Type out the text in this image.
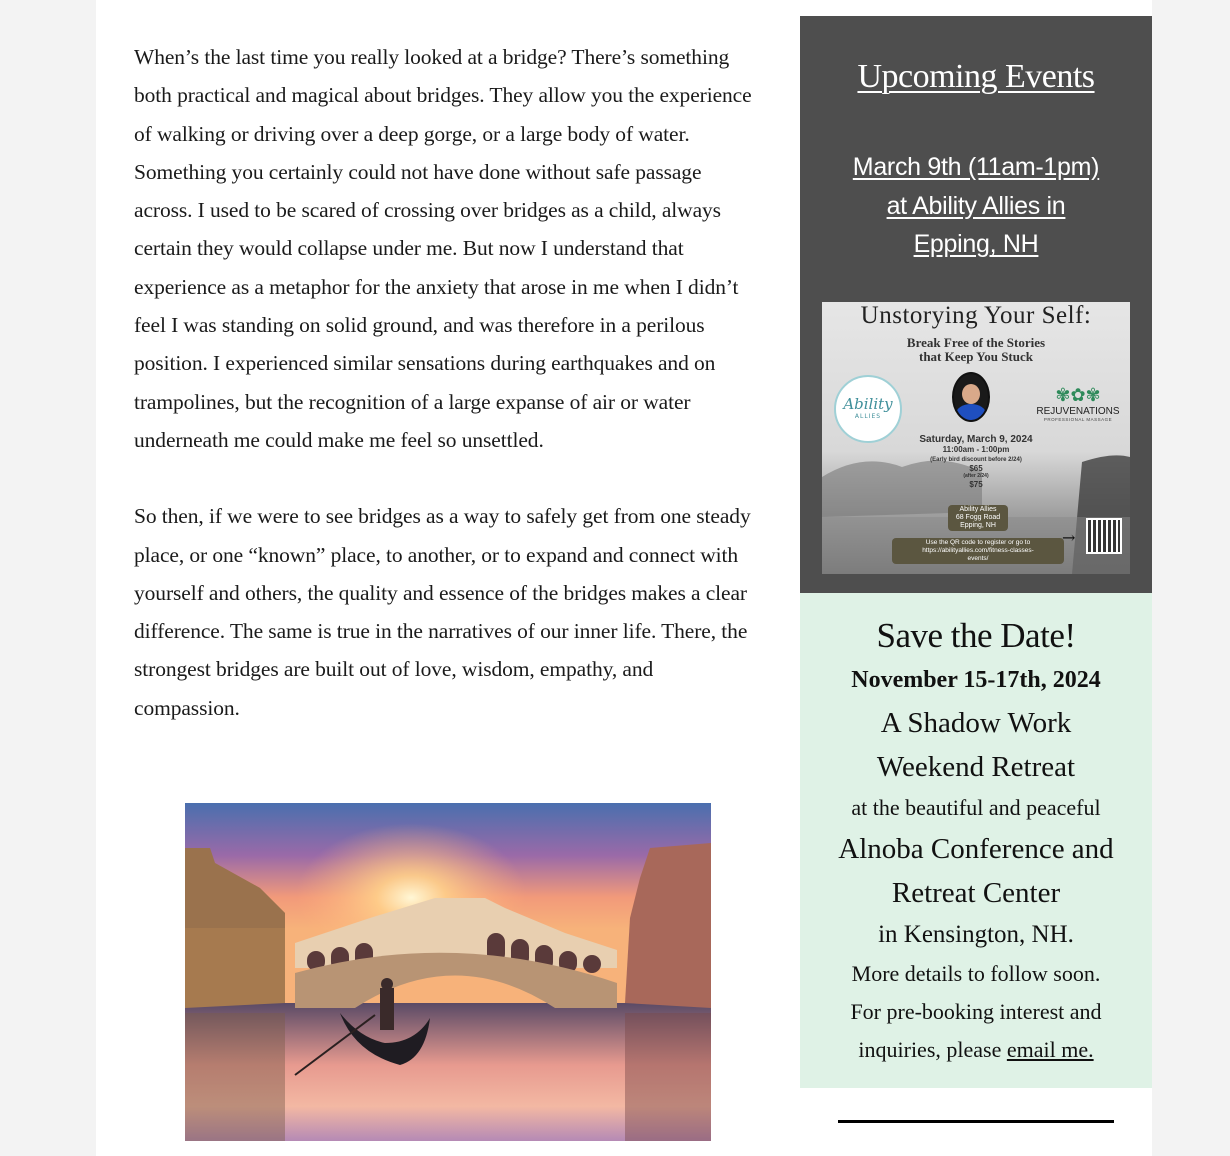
When’s the last time you really looked at a bridge? There’s something both practical and magical about bridges. They allow you the experience of walking or driving over a deep gorge, or a large body of water. Something you certainly could not have done without safe passage across. I used to be scared of crossing over bridges as a child, always certain they would collapse under me. But now I understand that experience as a metaphor for the anxiety that arose in me when I didn’t feel I was standing on solid ground, and was therefore in a perilous position. I experienced similar sensations during earthquakes and on trampolines, but the recognition of a large expanse of air or water underneath me could make me feel so unsettled.

So then, if we were to see bridges as a way to safely get from one steady place, or one “known” place, to another, or to expand and connect with yourself and others, the quality and essence of the bridges makes a clear difference. The same is true in the narratives of our inner life. There, the strongest bridges are built out of love, wisdom, empathy, and compassion.

Upcoming Events
March 9th (11am-1pm)
at Ability Allies in
Epping, NH
Unstorying Your Self:
Break Free of the Stories
that Keep You Stuck
Ability
ALLIES
✾✿✾
REJUVENATIONS
PROFESSIONAL MASSAGE
Saturday, March 9, 2024
11:00am - 1:00pm
(Early bird discount before 2/24)
$65
(after 2/24)
$75
Ability Allies
68 Fogg Road
Epping, NH
Use the QR code to register or go to
https://abilityallies.com/fitness-classes-
events/
→
Save the Date!
November 15-17th, 2024
A Shadow Work
Weekend Retreat
at the beautiful and peaceful
Alnoba Conference and
Retreat Center
in Kensington, NH.
More details to follow soon.
For pre-booking interest and
inquiries, please email me.
